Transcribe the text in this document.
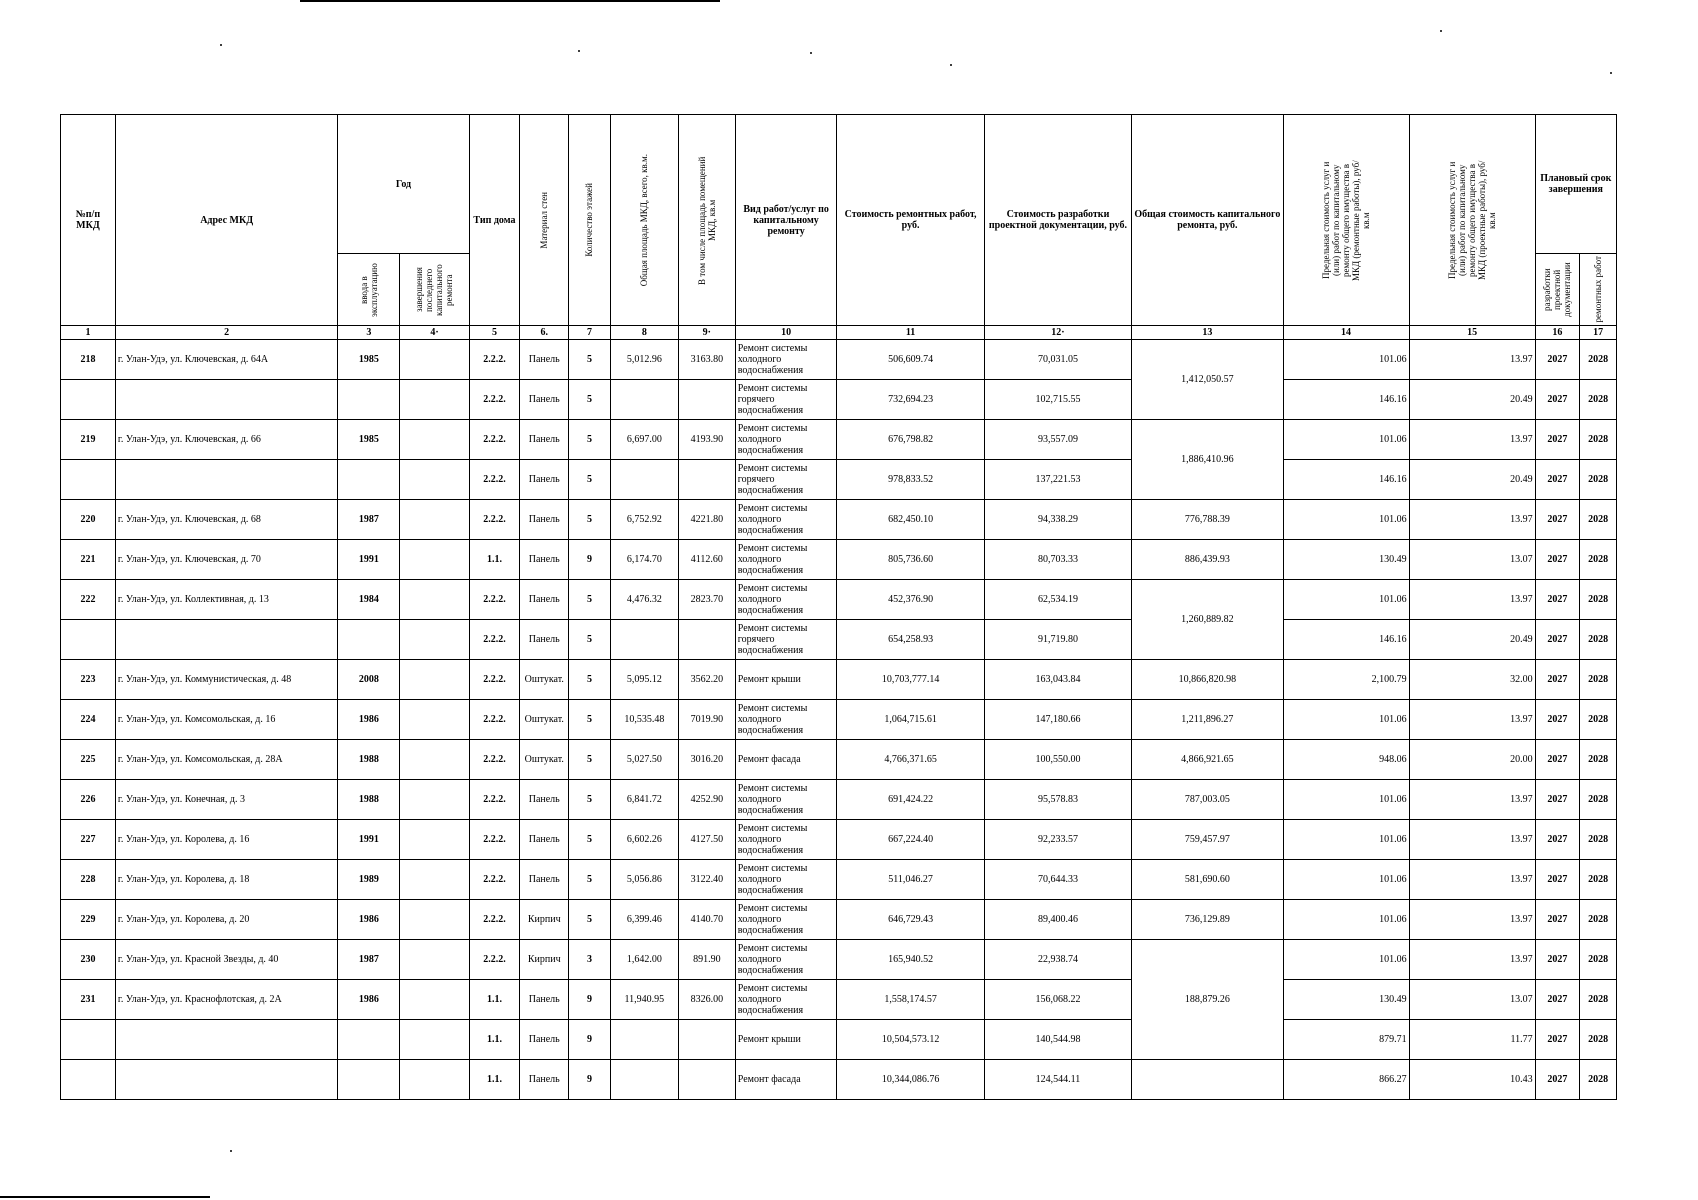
№п/п МКД	Адрес МКД	Год		Тип дома	Материал стен	Количество этажей	Общая площадь МКД, всего, кв.м.	В том числе площадь помещений МКД, кв.м	Вид работ/услуг по капитальному ремонту	Стоимость ремонтных работ, руб.	Стоимость разработки проектной документации, руб.	Общая стоимость капитального ремонта, руб.	Предельная стоимость услуг и (или) работ по капитальному ремонту общего имущества в МКД (ремонтные работы), руб/кв.м	Предельная стоимость услуг и (или) работ по капитальному ремонту общего имущества в МКД (проектные работы), руб/кв.м	Плановый срок завершения	

		ввода в эксплуатацию	завершения последнего капитального ремонта												разработки проектной документации	ремонтных работ

1	2	3	4·	5	6.	7	8	9·	10	11	12·	13	14	15	16	17
218	г. Улан-Удэ, ул. Ключевская, д. 64А	1985		2.2.2.	Панель	5	5,012.96	3163.80	Ремонт системы холодного водоснабжения	506,609.74	70,031.05	1,412,050.57	101.06	13.97	2027	2028
				2.2.2.	Панель	5			Ремонт системы горячего водоснабжения	732,694.23	102,715.55		146.16	20.49	2027	2028
219	г. Улан-Удэ, ул. Ключевская, д. 66	1985		2.2.2.	Панель	5	6,697.00	4193.90	Ремонт системы холодного водоснабжения	676,798.82	93,557.09	1,886,410.96	101.06	13.97	2027	2028
				2.2.2.	Панель	5			Ремонт системы горячего водоснабжения	978,833.52	137,221.53		146.16	20.49	2027	2028
220	г. Улан-Удэ, ул. Ключевская, д. 68	1987		2.2.2.	Панель	5	6,752.92	4221.80	Ремонт системы холодного водоснабжения	682,450.10	94,338.29	776,788.39	101.06	13.97	2027	2028
221	г. Улан-Удэ, ул. Ключевская, д. 70	1991		1.1.	Панель	9	6,174.70	4112.60	Ремонт системы холодного водоснабжения	805,736.60	80,703.33	886,439.93	130.49	13.07	2027	2028
222	г. Улан-Удэ, ул. Коллективная, д. 13	1984		2.2.2.	Панель	5	4,476.32	2823.70	Ремонт системы холодного водоснабжения	452,376.90	62,534.19	1,260,889.82	101.06	13.97	2027	2028
				2.2.2.	Панель	5			Ремонт системы горячего водоснабжения	654,258.93	91,719.80		146.16	20.49	2027	2028
223	г. Улан-Удэ, ул. Коммунистическая, д. 48	2008		2.2.2.	Оштукат.	5	5,095.12	3562.20	Ремонт крыши	10,703,777.14	163,043.84	10,866,820.98	2,100.79	32.00	2027	2028
224	г. Улан-Удэ, ул. Комсомольская, д. 16	1986		2.2.2.	Оштукат.	5	10,535.48	7019.90	Ремонт системы холодного водоснабжения	1,064,715.61	147,180.66	1,211,896.27	101.06	13.97	2027	2028
225	г. Улан-Удэ, ул. Комсомольская, д. 28А	1988		2.2.2.	Оштукат.	5	5,027.50	3016.20	Ремонт фасада	4,766,371.65	100,550.00	4,866,921.65	948.06	20.00	2027	2028
226	г. Улан-Удэ, ул. Конечная, д. 3	1988		2.2.2.	Панель	5	6,841.72	4252.90	Ремонт системы холодного водоснабжения	691,424.22	95,578.83	787,003.05	101.06	13.97	2027	2028
227	г. Улан-Удэ, ул. Королева, д. 16	1991		2.2.2.	Панель	5	6,602.26	4127.50	Ремонт системы холодного водоснабжения	667,224.40	92,233.57	759,457.97	101.06	13.97	2027	2028
228	г. Улан-Удэ, ул. Королева, д. 18	1989		2.2.2.	Панель	5	5,056.86	3122.40	Ремонт системы холодного водоснабжения	511,046.27	70,644.33	581,690.60	101.06	13.97	2027	2028
229	г. Улан-Удэ, ул. Королева, д. 20	1986		2.2.2.	Кирпич	5	6,399.46	4140.70	Ремонт системы холодного водоснабжения	646,729.43	89,400.46	736,129.89	101.06	13.97	2027	2028
230	г. Улан-Удэ, ул. Красной Звезды, д. 40	1987		2.2.2.	Кирпич	3	1,642.00	891.90	Ремонт системы холодного водоснабжения	165,940.52	22,938.74	188,879.26	101.06	13.97	2027	2028
231	г. Улан-Удэ, ул. Краснофлотская, д. 2А	1986		1.1.	Панель	9	11,940.95	8326.00	Ремонт системы холодного водоснабжения	1,558,174.57	156,068.22		130.49	13.07	2027	2028
				1.1.	Панель	9			Ремонт крыши	10,504,573.12	140,544.98		879.71	11.77	2027	2028
				1.1.	Панель	9			Ремонт фасада	10,344,086.76	124,544.11		866.27	10.43	2027	2028
